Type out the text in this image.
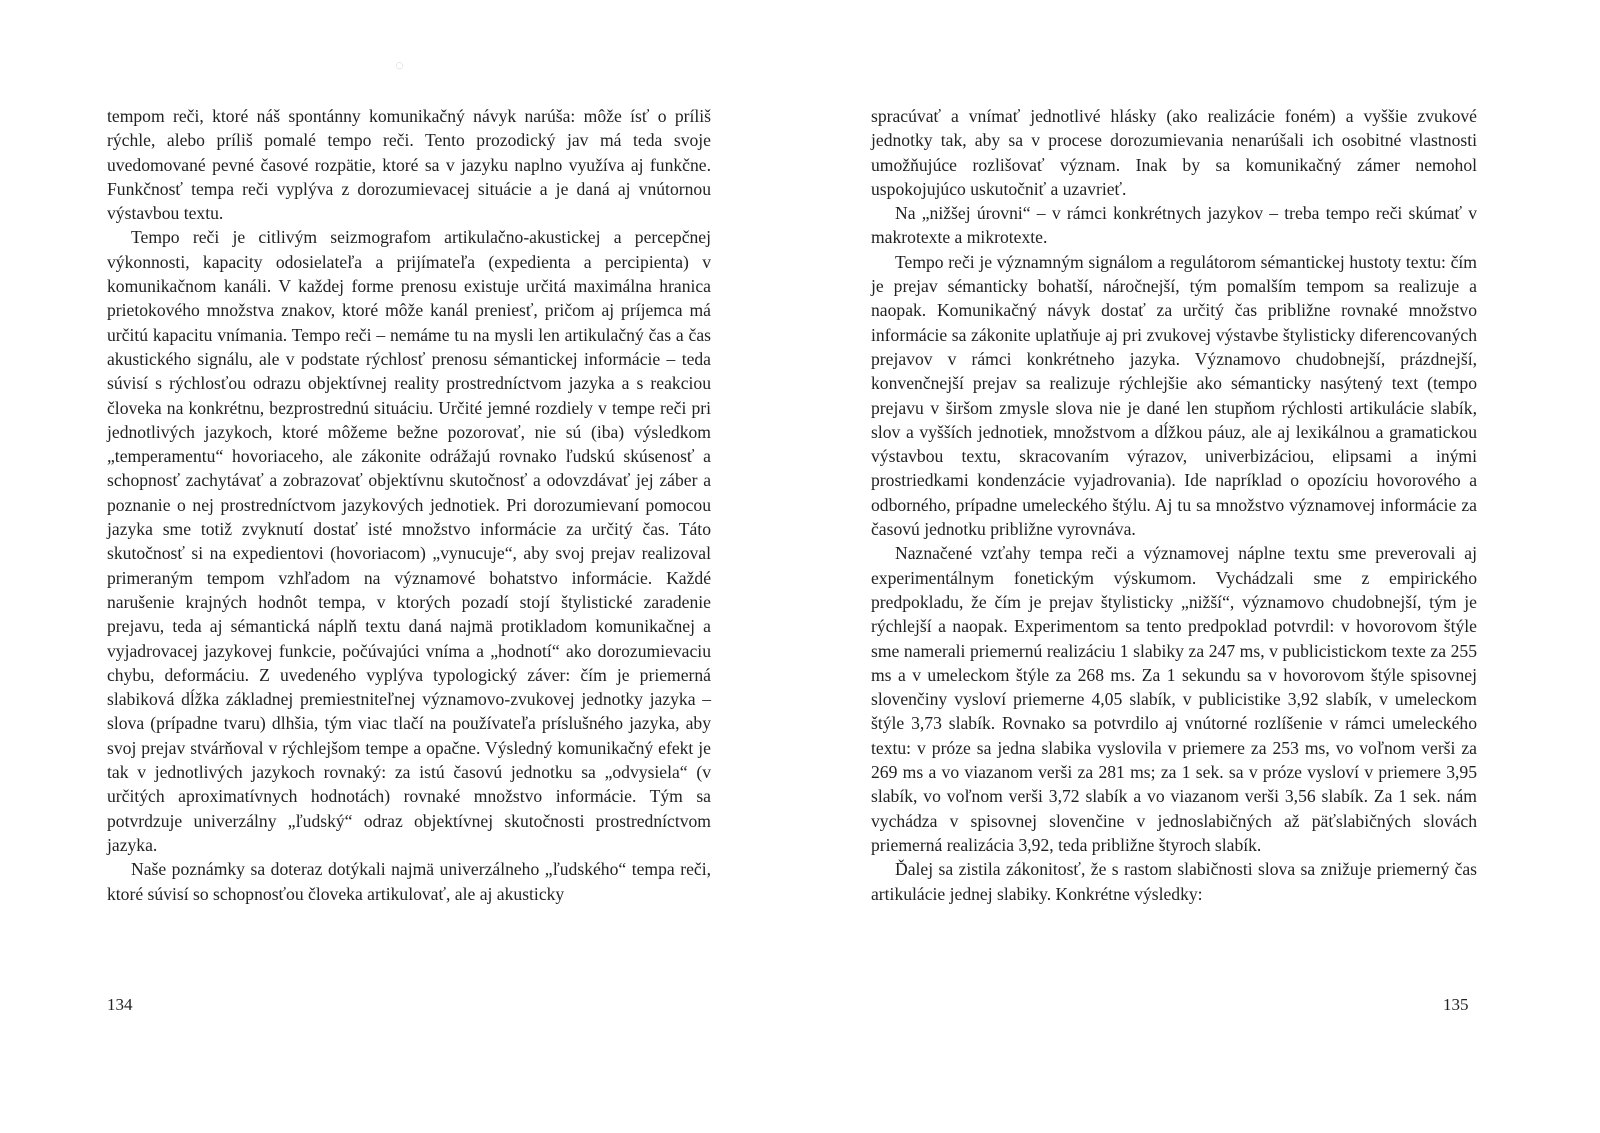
◌

tempom reči, ktoré náš spontánny komunikačný návyk narúša: môže ísť o príliš rýchle, alebo príliš pomalé tempo reči. Tento prozodický jav má teda svoje uvedomované pevné časové rozpätie, ktoré sa v jazyku naplno využíva aj funkčne. Funkčnosť tempa reči vyplýva z dorozumievacej situácie a je daná aj vnútornou výstavbou textu.

Tempo reči je citlivým seizmografom artikulačno-akustickej a percepčnej výkonnosti, kapacity odosielateľa a prijímateľa (expedienta a percipienta) v komunikačnom kanáli. V každej forme prenosu existuje určitá maximálna hranica prietokového množstva znakov, ktoré môže kanál preniesť, pričom aj príjemca má určitú kapacitu vnímania. Tempo reči – nemáme tu na mysli len artikulačný čas a čas akustického signálu, ale v podstate rýchlosť prenosu sémantickej informácie – teda súvisí s rýchlosťou odrazu objektívnej reality prostredníctvom jazyka a s reakciou človeka na konkrétnu, bezprostrednú situáciu. Určité jemné rozdiely v tempe reči pri jednotlivých jazykoch, ktoré môžeme bežne pozorovať, nie sú (iba) výsledkom „temperamentu“ hovoriaceho, ale zákonite odrážajú rovnako ľudskú skúsenosť a schopnosť zachytávať a zobrazovať objektívnu skutočnosť a odovzdávať jej záber a poznanie o nej prostredníctvom jazykových jednotiek. Pri dorozumievaní pomocou jazyka sme totiž zvyknutí dostať isté množstvo informácie za určitý čas. Táto skutočnosť si na expedientovi (hovoriacom) „vynucuje“, aby svoj prejav realizoval primeraným tempom vzhľadom na významové bohatstvo informácie. Každé narušenie krajných hodnôt tempa, v ktorých pozadí stojí štylistické zaradenie prejavu, teda aj sémantická náplň textu daná najmä protikladom komunikačnej a vyjadrovacej jazykovej funkcie, počúvajúci vníma a „hodnotí“ ako dorozumievaciu chybu, deformáciu. Z uvedeného vyplýva typologický záver: čím je priemerná slabiková dĺžka základnej premiestniteľnej významovo-zvukovej jednotky jazyka – slova (prípadne tvaru) dlhšia, tým viac tlačí na používateľa príslušného jazyka, aby svoj prejav stvárňoval v rýchlejšom tempe a opačne. Výsledný komunikačný efekt je tak v jednotlivých jazykoch rovnaký: za istú časovú jednotku sa „odvysiela“ (v určitých aproximatívnych hodnotách) rovnaké množstvo informácie. Tým sa potvrdzuje univerzálny „ľudský“ odraz objektívnej skutočnosti prostredníctvom jazyka.

Naše poznámky sa doteraz dotýkali najmä univerzálneho „ľudského“ tempa reči, ktoré súvisí so schopnosťou človeka artikulovať, ale aj akusticky

134

spracúvať a vnímať jednotlivé hlásky (ako realizácie foném) a vyššie zvukové jednotky tak, aby sa v procese dorozumievania nenarúšali ich osobitné vlastnosti umožňujúce rozlišovať význam. Inak by sa komunikačný zámer nemohol uspokojujúco uskutočniť a uzavrieť.

Na „nižšej úrovni“ – v rámci konkrétnych jazykov – treba tempo reči skúmať v makrotexte a mikrotexte.

Tempo reči je významným signálom a regulátorom sémantickej hustoty textu: čím je prejav sémanticky bohatší, náročnejší, tým pomalším tempom sa realizuje a naopak. Komunikačný návyk dostať za určitý čas približne rovnaké množstvo informácie sa zákonite uplatňuje aj pri zvukovej výstavbe štylisticky diferencovaných prejavov v rámci konkrétneho jazyka. Významovo chudobnejší, prázdnejší, konvenčnejší prejav sa realizuje rýchlejšie ako sémanticky nasýtený text (tempo prejavu v širšom zmysle slova nie je dané len stupňom rýchlosti artikulácie slabík, slov a vyšších jednotiek, množstvom a dĺžkou páuz, ale aj lexikálnou a gramatickou výstavbou textu, skracovaním výrazov, univerbizáciou, elipsami a inými prostriedkami kondenzácie vyjadrovania). Ide napríklad o opozíciu hovorového a odborného, prípadne umeleckého štýlu. Aj tu sa množstvo významovej informácie za časovú jednotku približne vyrovnáva.

Naznačené vzťahy tempa reči a významovej náplne textu sme preverovali aj experimentálnym fonetickým výskumom. Vychádzali sme z empirického predpokladu, že čím je prejav štylisticky „nižší“, významovo chudobnejší, tým je rýchlejší a naopak. Experimentom sa tento predpoklad potvrdil: v hovorovom štýle sme namerali priemernú realizáciu 1 slabiky za 247 ms, v publicistickom texte za 255 ms a v umeleckom štýle za 268 ms. Za 1 sekundu sa v hovorovom štýle spisovnej slovenčiny vysloví priemerne 4,05 slabík, v publicistike 3,92 slabík, v umeleckom štýle 3,73 slabík. Rovnako sa potvrdilo aj vnútorné rozlíšenie v rámci umeleckého textu: v próze sa jedna slabika vyslovila v priemere za 253 ms, vo voľnom verši za 269 ms a vo viazanom verši za 281 ms; za 1 sek. sa v próze vysloví v priemere 3,95 slabík, vo voľnom verši 3,72 slabík a vo viazanom verši 3,56 slabík. Za 1 sek. nám vychádza v spisovnej slovenčine v jednoslabičných až päťslabičných slovách priemerná realizácia 3,92, teda približne štyroch slabík.

Ďalej sa zistila zákonitosť, že s rastom slabičnosti slova sa znižuje priemerný čas artikulácie jednej slabiky. Konkrétne výsledky:

135
